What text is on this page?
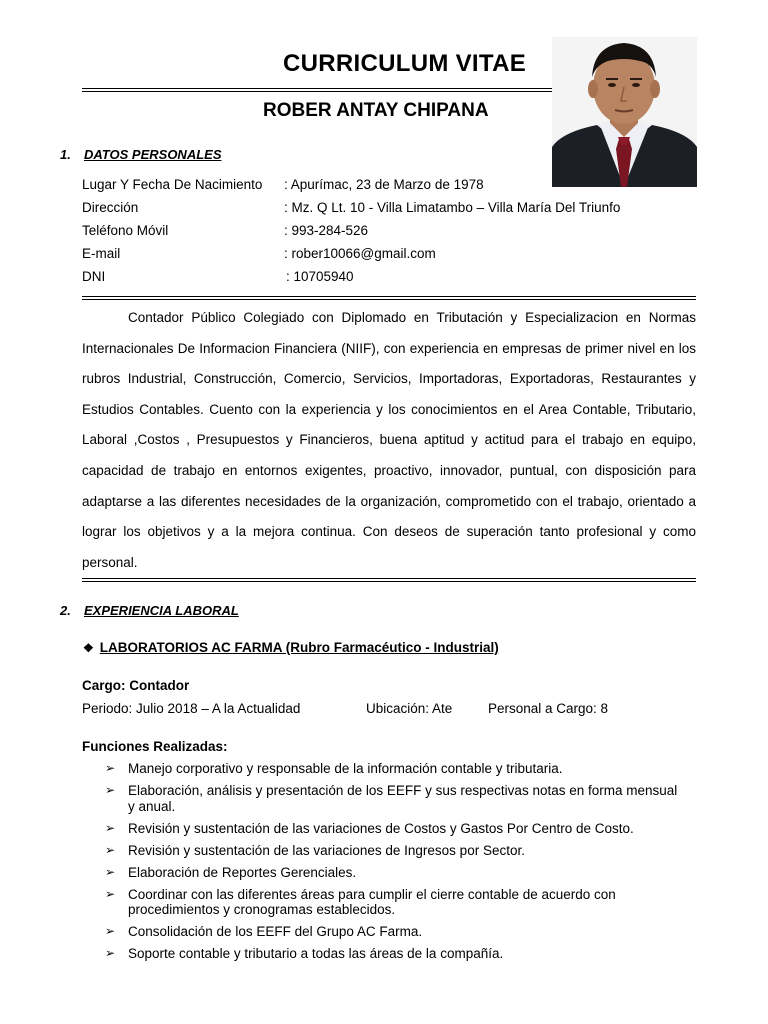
CURRICULUM VITAE
ROBER ANTAY CHIPANA
1. DATOS PERSONALES
Lugar Y Fecha De Nacimiento : Apurímac, 23 de Marzo de 1978
Dirección	: Mz. Q Lt. 10 - Villa Limatambo – Villa María Del Triunfo
Teléfono Móvil	: 993-284-526
E-mail	: rober10066@gmail.com
DNI	: 10705940
Contador Público Colegiado con Diplomado en Tributación y Especializacion en Normas Internacionales De Informacion Financiera (NIIF), con experiencia en empresas de primer nivel en los rubros Industrial, Construcción, Comercio, Servicios, Importadoras, Exportadoras, Restaurantes y Estudios Contables. Cuento con la experiencia y los conocimientos en el Area Contable, Tributario, Laboral ,Costos , Presupuestos y Financieros, buena aptitud y actitud para el trabajo en equipo, capacidad de trabajo en entornos exigentes, proactivo, innovador, puntual, con disposición para adaptarse a las diferentes necesidades de la organización, comprometido con el trabajo, orientado a lograr los objetivos y a la mejora continua. Con deseos de superación tanto profesional y como personal.
2. EXPERIENCIA LABORAL
❖ LABORATORIOS AC FARMA (Rubro Farmacéutico - Industrial)
Cargo: Contador
Periodo: Julio 2018 – A la Actualidad	Ubicación: Ate	Personal a Cargo: 8
Funciones Realizadas:
➢ Manejo corporativo y responsable de la información contable y tributaria.
➢ Elaboración, análisis y presentación de los EEFF y sus respectivas notas en forma mensual y anual.
➢ Revisión y sustentación de las variaciones de Costos y Gastos Por Centro de Costo.
➢ Revisión y sustentación de las variaciones de Ingresos por Sector.
➢ Elaboración de Reportes Gerenciales.
➢ Coordinar con las diferentes áreas para cumplir el cierre contable de acuerdo con procedimientos y cronogramas establecidos.
➢ Consolidación de los EEFF del Grupo AC Farma.
➢ Soporte contable y tributario a todas las áreas de la compañía.
